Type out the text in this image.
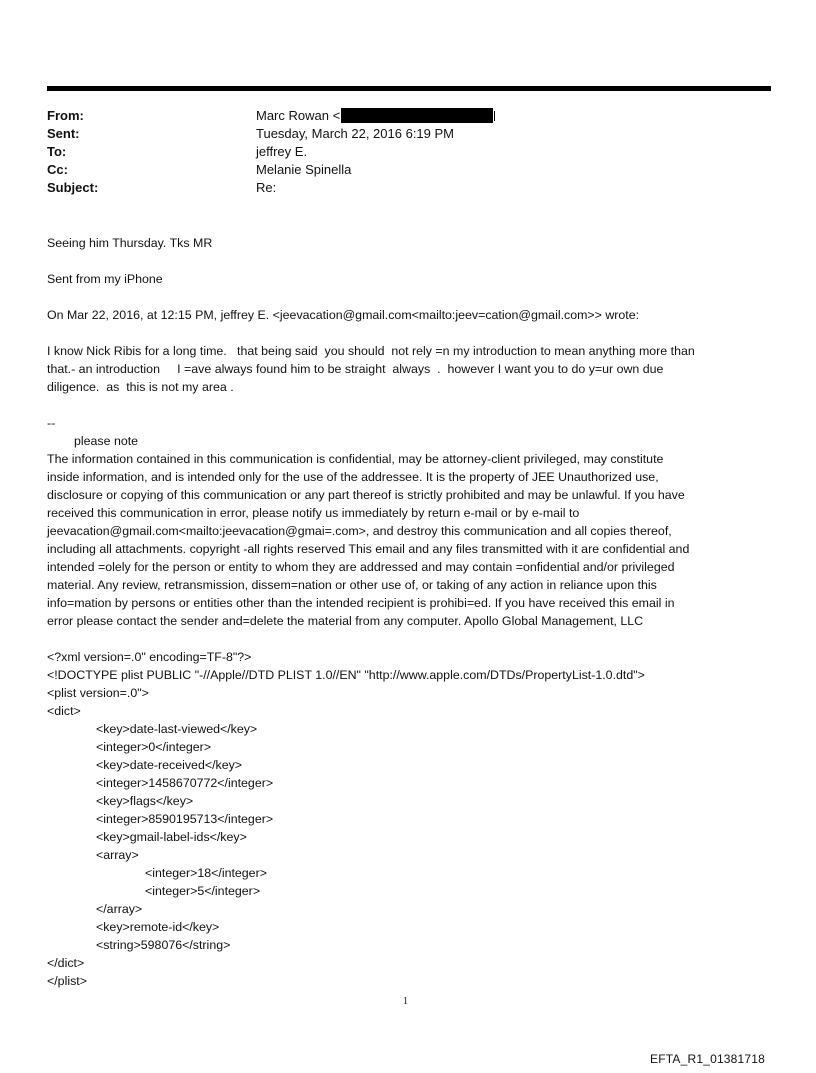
From:	Marc Rowan <
Sent:	Tuesday, March 22, 2016 6:19 PM
To:	jeffrey E.
Cc:	Melanie Spinella
Subject:	Re:
Seeing him Thursday. Tks MR
Sent from my iPhone
On Mar 22, 2016, at 12:15 PM, jeffrey E. <jeevacation@gmail.com<mailto:jeev=cation@gmail.com>> wrote:
I know Nick Ribis for a long time.   that being said  you should  not rely =n my introduction to mean anything more than
that.- an introduction     I =ave always found him to be straight  always  .  however I want you to do y=ur own due
diligence.  as  this is not my area .
--
please note
The information contained in this communication is confidential, may be attorney-client privileged, may constitute
inside information, and is intended only for the use of the addressee. It is the property of JEE Unauthorized use,
disclosure or copying of this communication or any part thereof is strictly prohibited and may be unlawful. If you have
received this communication in error, please notify us immediately by return e-mail or by e-mail to
jeevacation@gmail.com<mailto:jeevacation@gmai=.com>, and destroy this communication and all copies thereof,
including all attachments. copyright -all rights reserved This email and any files transmitted with it are confidential and
intended =olely for the person or entity to whom they are addressed and may contain =onfidential and/or privileged
material. Any review, retransmission, dissem=nation or other use of, or taking of any action in reliance upon this
info=mation by persons or entities other than the intended recipient is prohibi=ed. If you have received this email in
error please contact the sender and=delete the material from any computer. Apollo Global Management, LLC
<?xml version=.0" encoding=TF-8"?>
<!DOCTYPE plist PUBLIC "-//Apple//DTD PLIST 1.0//EN" "http://www.apple.com/DTDs/PropertyList-1.0.dtd">
<plist version=.0">
<dict>
<key>date-last-viewed</key>
<integer>0</integer>
<key>date-received</key>
<integer>1458670772</integer>
<key>flags</key>
<integer>8590195713</integer>
<key>gmail-label-ids</key>
<array>
<integer>18</integer>
<integer>5</integer>
</array>
<key>remote-id</key>
<string>598076</string>
</dict>
</plist>
1
EFTA_R1_01381718
